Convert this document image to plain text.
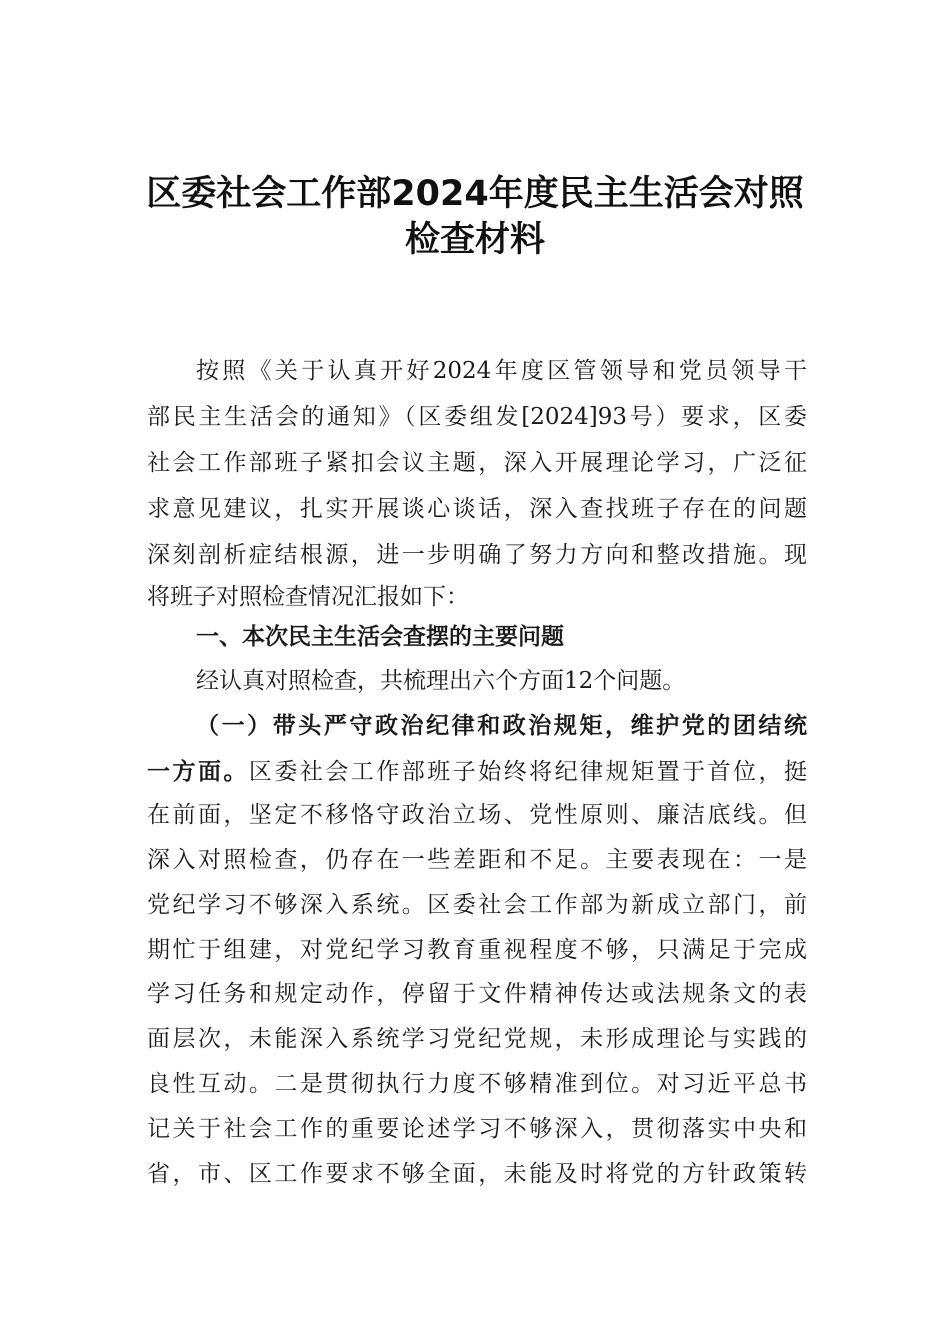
区委社会工作部2024年度民主生活会对照
检查材料
按照《关于认真开好2024年度区管领导和党员领导干
部民主生活会的通知》（区委组发[2024]93号）要求，区委
社会工作部班子紧扣会议主题，深入开展理论学习，广泛征
求意见建议，扎实开展谈心谈话，深入查找班子存在的问题
深刻剖析症结根源，进一步明确了努力方向和整改措施。现
将班子对照检查情况汇报如下：
一、本次民主生活会查摆的主要问题
经认真对照检查，共梳理出六个方面12个问题。
（一）带头严守政治纪律和政治规矩，维护党的团结统
一方面。区委社会工作部班子始终将纪律规矩置于首位，挺
在前面，坚定不移恪守政治立场、党性原则、廉洁底线。但
深入对照检查，仍存在一些差距和不足。主要表现在：一是
党纪学习不够深入系统。区委社会工作部为新成立部门，前
期忙于组建，对党纪学习教育重视程度不够，只满足于完成
学习任务和规定动作，停留于文件精神传达或法规条文的表
面层次，未能深入系统学习党纪党规，未形成理论与实践的
良性互动。二是贯彻执行力度不够精准到位。对习近平总书
记关于社会工作的重要论述学习不够深入，贯彻落实中央和
省，市、区工作要求不够全面，未能及时将党的方针政策转
